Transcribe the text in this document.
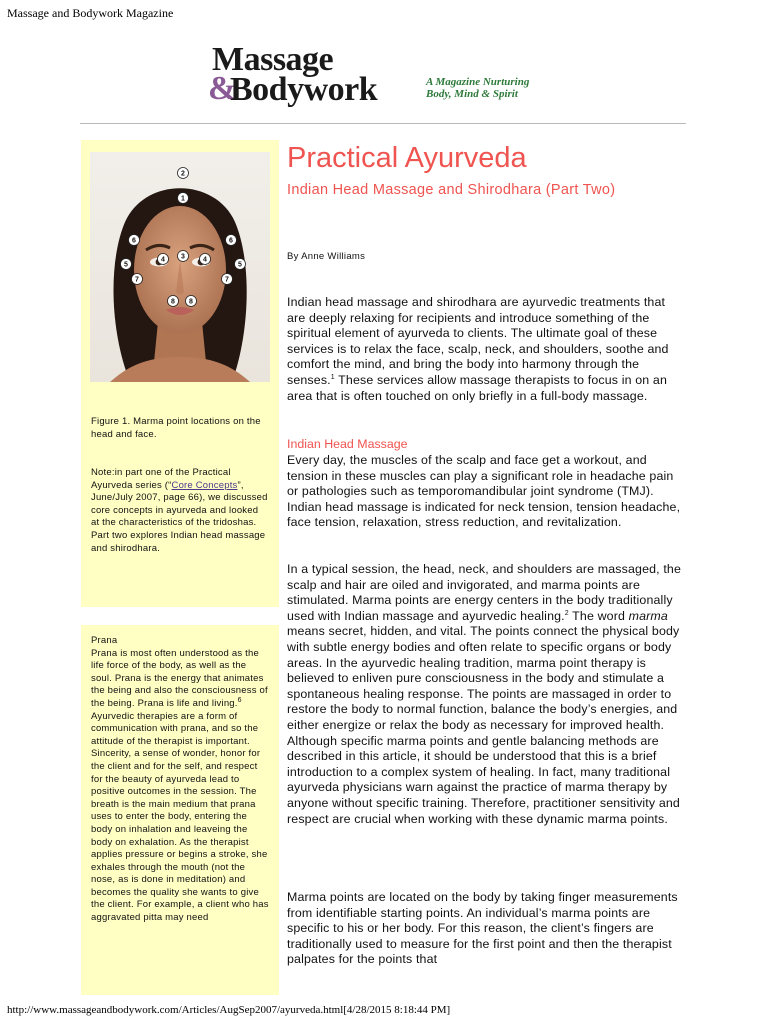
Massage and Bodywork Magazine
Massage
&
Bodywork	A Magazine Nurturing
Body, Mind & Spirit
2
1
3
4	4
5	5
6	6
7	7
8 8
Figure 1. Marma point locations on the head and face.
Note:in part one of the Practical Ayurveda series (“Core Concepts”, June/July 2007, page 66), we discussed core concepts in ayurveda and looked at the characteristics of the tridoshas. Part two explores Indian head massage and shirodhara.
Prana
Prana is most often understood as the life force of the body, as well as the soul. Prana is the energy that animates the being and also the consciousness of the being. Prana is life and living.$^6$ Ayurvedic therapies are a form of communication with prana, and so the attitude of the therapist is important. Sincerity, a sense of wonder, honor for the client and for the self, and respect for the beauty of ayurveda lead to positive outcomes in the session. The breath is the main medium that prana uses to enter the body, entering the body on inhalation and leaveing the body on exhalation. As the therapist applies pressure or begins a stroke, she exhales through the mouth (not the nose, as is done in meditation) and becomes the quality she wants to give the client. For example, a client who has aggravated pitta may need
Practical Ayurveda
Indian Head Massage and Shirodhara (Part Two)
By Anne Williams

Indian head massage and shirodhara are ayurvedic treatments that are deeply relaxing for recipients and introduce something of the spiritual element of ayurveda to clients. The ultimate goal of these services is to relax the face, scalp, neck, and shoulders, soothe and comfort the mind, and bring the body into harmony through the senses.$^1$ These services allow massage therapists to focus in on an area that is often touched on only briefly in a full-body massage.

Indian Head Massage

Every day, the muscles of the scalp and face get a workout, and tension in these muscles can play a significant role in headache pain or pathologies such as temporomandibular joint syndrome (TMJ). Indian head massage is indicated for neck tension, tension headache, face tension, relaxation, stress reduction, and revitalization.

In a typical session, the head, neck, and shoulders are massaged, the scalp and hair are oiled and invigorated, and marma points are stimulated. Marma points are energy centers in the body traditionally used with Indian massage and ayurvedic healing.$^2$ The word marma means secret, hidden, and vital. The points connect the physical body with subtle energy bodies and often relate to specific organs or body areas. In the ayurvedic healing tradition, marma point therapy is believed to enliven pure consciousness in the body and stimulate a spontaneous healing response. The points are massaged in order to restore the body to normal function, balance the body’s energies, and either energize or relax the body as necessary for improved health. Although specific marma points and gentle balancing methods are described in this article, it should be understood that this is a brief introduction to a complex system of healing. In fact, many traditional ayurveda physicians warn against the practice of marma therapy by anyone without specific training. Therefore, practitioner sensitivity and respect are crucial when working with these dynamic marma points.

Marma points are located on the body by taking finger measurements from identifiable starting points. An individual’s marma points are specific to his or her body. For this reason, the client’s fingers are traditionally used to measure for the first point and then the therapist palpates for the points that

http://www.massageandbodywork.com/Articles/AugSep2007/ayurveda.html[4/28/2015 8:18:44 PM]
